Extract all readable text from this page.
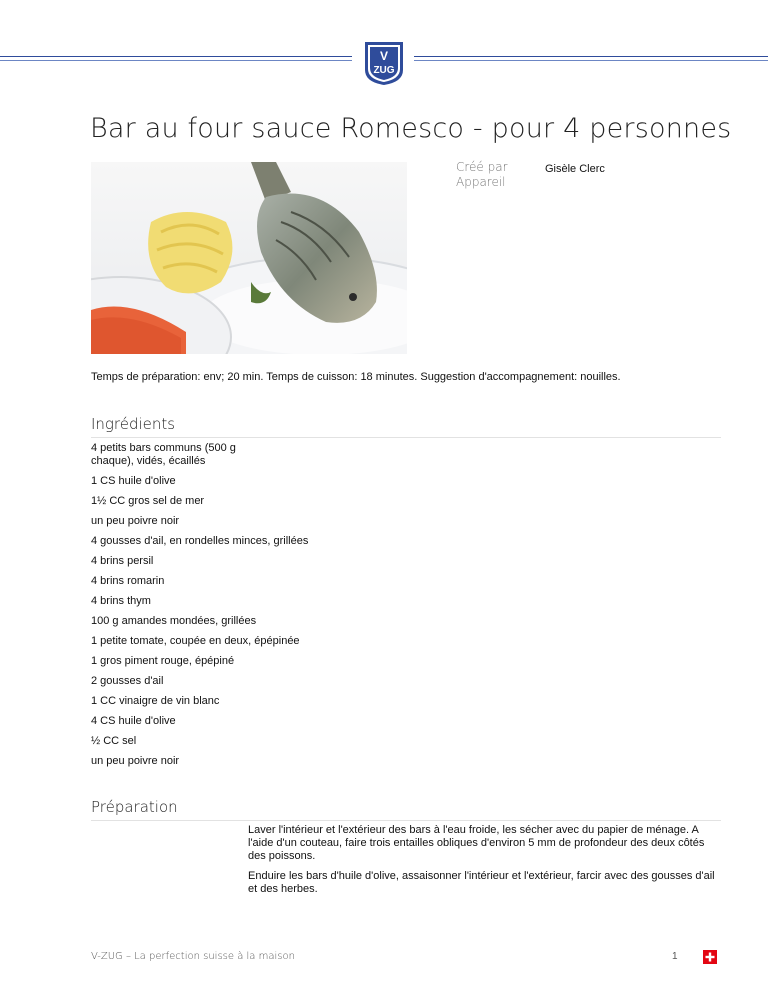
V
ZUG
Bar au four sauce Romesco - pour 4 personnes
Créé par
Appareil
Gisèle Clerc
Temps de préparation: env; 20 min. Temps de cuisson: 18 minutes. Suggestion d'accompagnement: nouilles.
Ingrédients
4 petits bars communs (500 g chaque), vidés, écaillés
1 CS huile d'olive
1½ CC gros sel de mer
un peu poivre noir
4 gousses d'ail, en rondelles minces, grillées
4 brins persil
4 brins romarin
4 brins thym
100 g amandes mondées, grillées
1 petite tomate, coupée en deux, épépinée
1 gros piment rouge, épépiné
2 gousses d'ail
1 CC vinaigre de vin blanc
4 CS huile d'olive
½ CC sel
un peu poivre noir
Préparation

Laver l'intérieur et l'extérieur des bars à l'eau froide, les sécher avec du papier de ménage. A l'aide d'un couteau, faire trois entailles obliques d'environ 5 mm de profondeur des deux côtés des poissons.

Enduire les bars d'huile d'olive, assaisonner l'intérieur et l'extérieur, farcir avec des gousses d'ail et des herbes.

V-ZUG – La perfection suisse à la maison	1
